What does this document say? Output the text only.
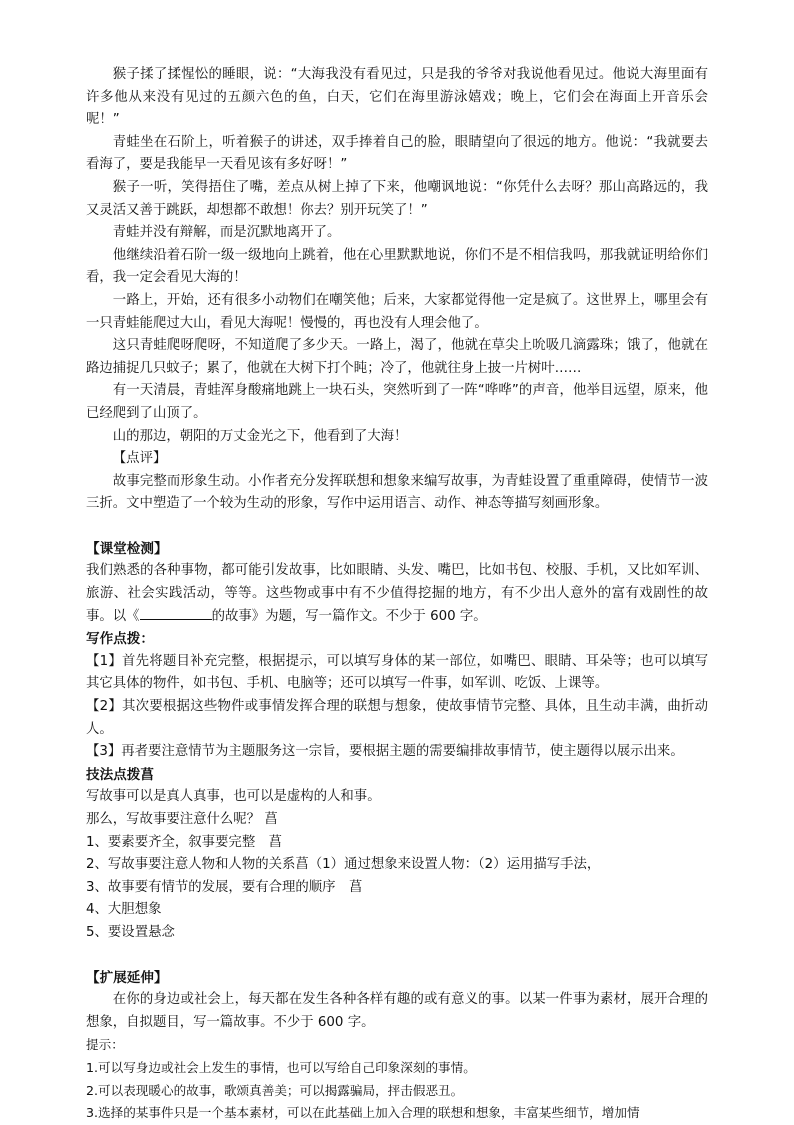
猴子揉了揉惺忪的睡眼，说：“大海我没有看见过，只是我的爷爷对我说他看见过。他说大海里面有许多他从来没有见过的五颜六色的鱼，白天，它们在海里游泳嬉戏；晚上，它们会在海面上开音乐会呢！”

青蛙坐在石阶上，听着猴子的讲述，双手捧着自己的脸，眼睛望向了很远的地方。他说：“我就要去看海了，要是我能早一天看见该有多好呀！”

猴子一听，笑得捂住了嘴，差点从树上掉了下来，他嘲讽地说：“你凭什么去呀？那山高路远的，我又灵活又善于跳跃，却想都不敢想！你去？别开玩笑了！”

青蛙并没有辩解，而是沉默地离开了。

他继续沿着石阶一级一级地向上跳着，他在心里默默地说，你们不是不相信我吗，那我就证明给你们看，我一定会看见大海的！

一路上，开始，还有很多小动物们在嘲笑他；后来，大家都觉得他一定是疯了。这世界上，哪里会有一只青蛙能爬过大山，看见大海呢！慢慢的，再也没有人理会他了。

这只青蛙爬呀爬呀，不知道爬了多少天。一路上，渴了，他就在草尖上吮吸几滴露珠；饿了，他就在路边捕捉几只蚊子；累了，他就在大树下打个盹；冷了，他就往身上披一片树叶……

有一天清晨，青蛙浑身酸痛地跳上一块石头，突然听到了一阵“哗哗”的声音，他举目远望，原来，他已经爬到了山顶了。

山的那边，朝阳的万丈金光之下，他看到了大海！

【点评】

故事完整而形象生动。小作者充分发挥联想和想象来编写故事，为青蛙设置了重重障碍，使情节一波三折。文中塑造了一个较为生动的形象，写作中运用语言、动作、神态等描写刻画形象。

【课堂检测】

我们熟悉的各种事物，都可能引发故事，比如眼睛、头发、嘴巴，比如书包、校服、手机，又比如军训、旅游、社会实践活动，等等。这些物或事中有不少值得挖掘的地方，有不少出人意外的富有戏剧性的故事。以《	的故事》为题，写一篇作文。不少于 600 字。

写作点拨：

【1】首先将题目补充完整，根据提示，可以填写身体的某一部位，如嘴巴、眼睛、耳朵等；也可以填写其它具体的物件，如书包、手机、电脑等；还可以填写一件事，如军训、吃饭、上课等。

【2】其次要根据这些物件或事情发挥合理的联想与想象，使故事情节完整、具体，且生动丰满，曲折动人。

【3】再者要注意情节为主题服务这一宗旨，要根据主题的需要编排故事情节，使主题得以展示出来。

技法点拨菖

写故事可以是真人真事，也可以是虚构的人和事。

那么，写故事要注意什么呢？ 菖

1、要素要齐全，叙事要完整　菖

2、写故事要注意人物和人物的关系菖（1）通过想象来设置人物：（2）运用描写手法，

3、故事要有情节的发展，要有合理的顺序　菖

4、大胆想象

5、要设置悬念

【扩展延伸】

在你的身边或社会上，每天都在发生各种各样有趣的或有意义的事。以某一件事为素材，展开合理的想象，自拟题目，写一篇故事。不少于 600 字。

提示：

1.可以写身边或社会上发生的事情，也可以写给自己印象深刻的事情。

2.可以表现暖心的故事，歌颂真善美；可以揭露骗局，抨击假恶丑。

3.选择的某事件只是一个基本素材，可以在此基础上加入合理的联想和想象，丰富某些细节，增加情
